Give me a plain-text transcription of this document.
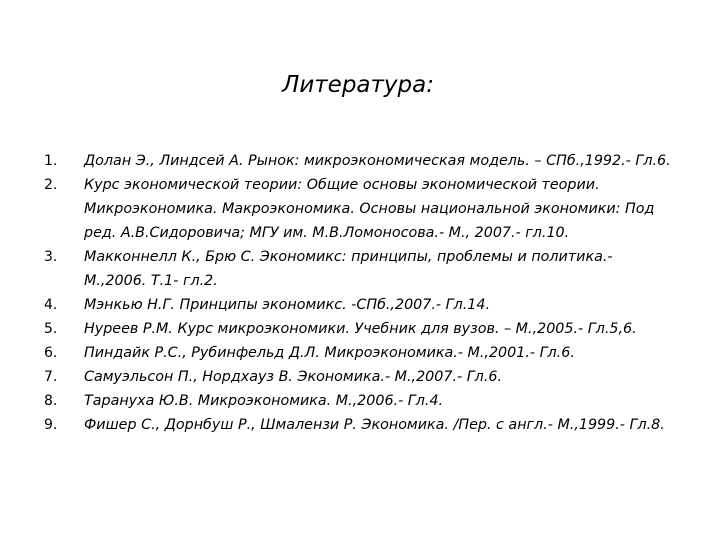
Литература:
1. Долан Э., Линдсей А. Рынок: микроэкономическая модель. – СПб.,1992.- Гл.6.
2. Курс экономической теории: Общие основы экономической теории.
Микроэкономика. Макроэкономика. Основы национальной экономики: Под
ред. А.В.Сидоровича; МГУ им. М.В.Ломоносова.- М., 2007.- гл.10.
3. Макконнелл К., Брю С. Экономикс: принципы, проблемы и политика.-
М.,2006. Т.1- гл.2.
4. Мэнкью Н.Г. Принципы экономикс. -СПб.,2007.- Гл.14.
5. Нуреев Р.М. Курс микроэкономики. Учебник для вузов. – М.,2005.- Гл.5,6.
6. Пиндайк Р.С., Рубинфельд Д.Л. Микроэкономика.- М.,2001.- Гл.6.
7. Самуэльсон П., Нордхауз В. Экономика.- М.,2007.- Гл.6.
8. Тарануха Ю.В. Микроэкономика. М.,2006.- Гл.4.
9. Фишер С., Дорнбуш Р., Шмалензи Р. Экономика. /Пер. с англ.- М.,1999.- Гл.8.
